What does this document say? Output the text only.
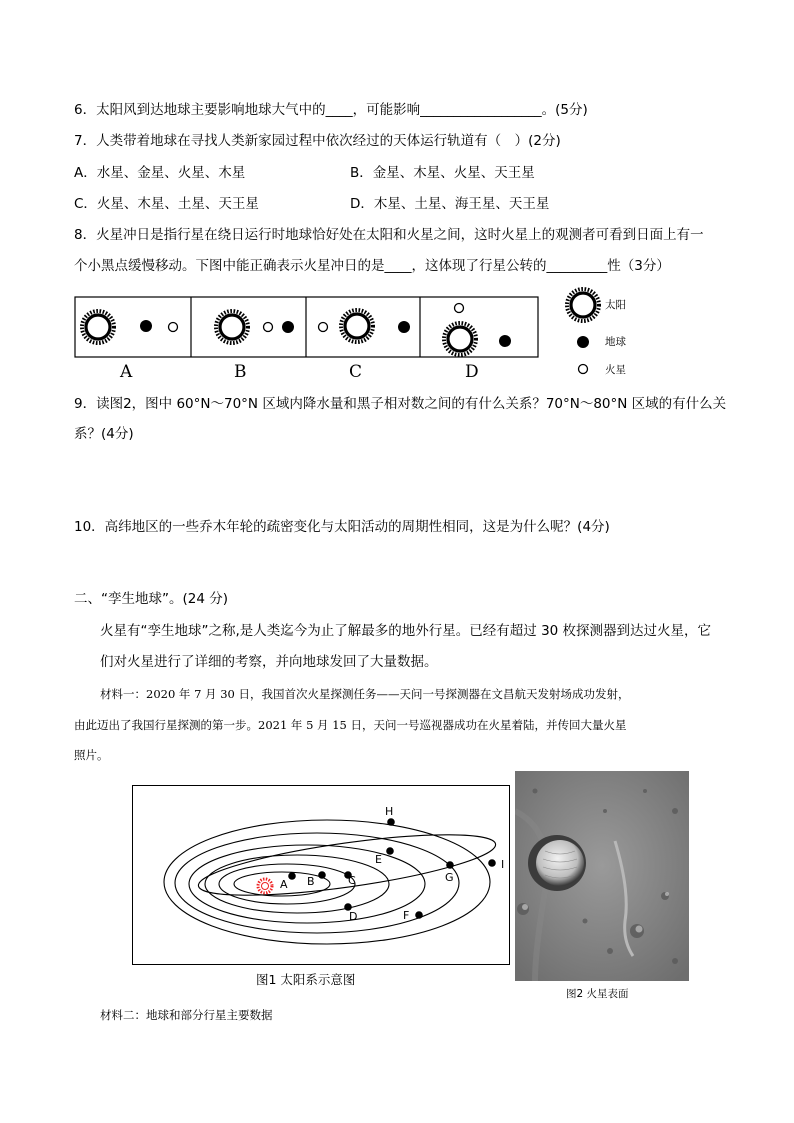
6．太阳风到达地球主要影响地球大气中的____，可能影响__________________。(5分)
7．人类带着地球在寻找人类新家园过程中依次经过的天体运行轨道有（　）(2分)
A．水星、金星、火星、木星	B．金星、木星、火星、天王星
C．火星、木星、土星、天王星	D．木星、土星、海王星、天王星
8．火星冲日是指行星在绕日运行时地球恰好处在太阳和火星之间，这时火星上的观测者可看到日面上有一
个小黑点缓慢移动。下图中能正确表示火星冲日的是____，这体现了行星公转的_________性（3分）
A	B	C	D
太阳
地球
火星
9．读图2，图中 60°N～70°N 区域内降水量和黑子相对数之间的有什么关系？70°N～80°N 区域的有什么关
系？(4分)
10．高纬地区的一些乔木年轮的疏密变化与太阳活动的周期性相同，这是为什么呢？(4分)
二、“孪生地球”。(24 分)
火星有“孪生地球”之称,是人类迄今为止了解最多的地外行星。已经有超过 30 枚探测器到达过火星，它
们对火星进行了详细的考察，并向地球发回了大量数据。
材料一：2020 年 7 月 30 日，我国首次火星探测任务——天问一号探测器在文昌航天发射场成功发射，
由此迈出了我国行星探测的第一步。2021 年 5 月 15 日，天问一号巡视器成功在火星着陆，并传回大量火星
照片。
A B	C
D
E
F
G
H
I
图1 太阳系示意图
图2 火星表面
材料二：地球和部分行星主要数据
